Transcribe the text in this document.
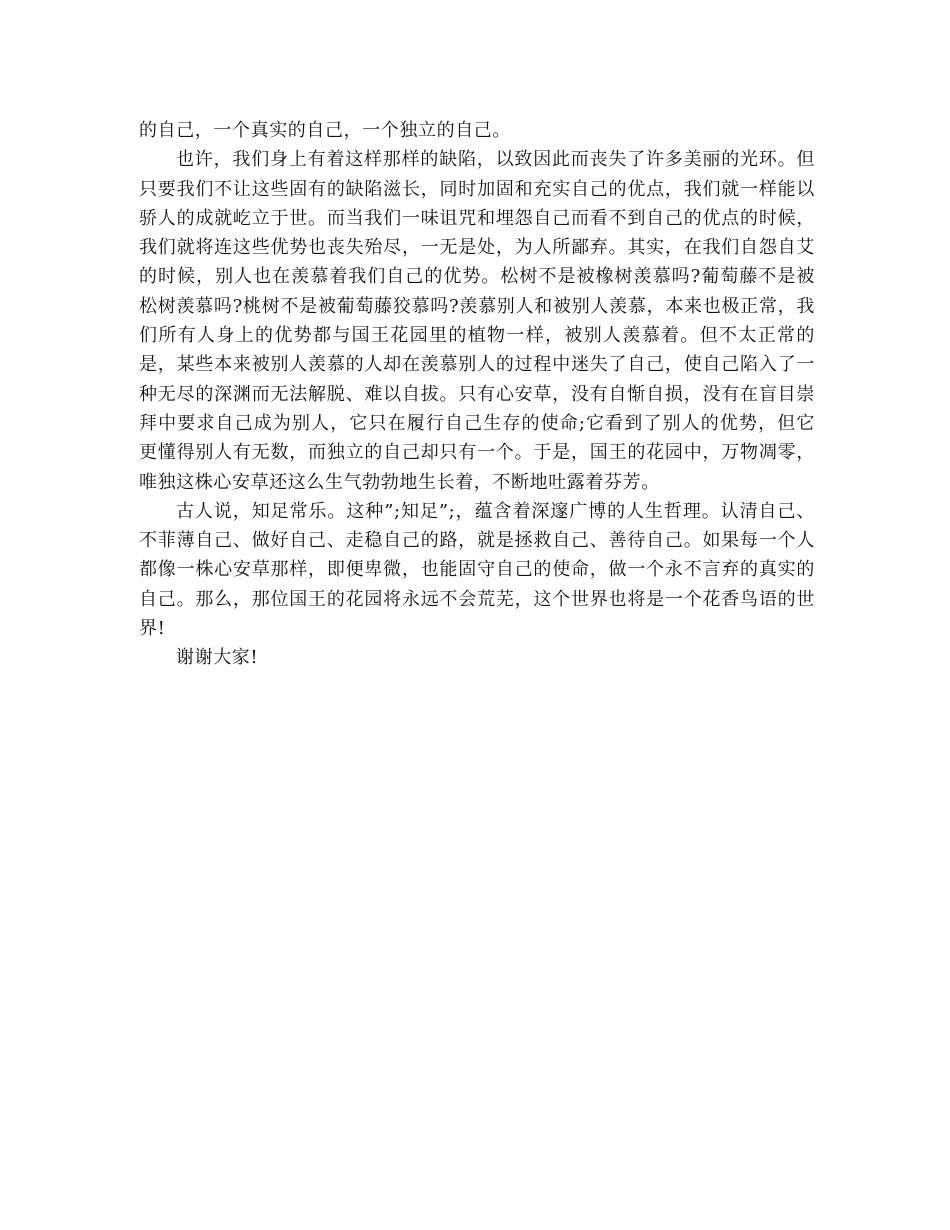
的自己，一个真实的自己，一个独立的自己。

也许，我们身上有着这样那样的缺陷，以致因此而丧失了许多美丽的光环。但只要我们不让这些固有的缺陷滋长，同时加固和充实自己的优点，我们就一样能以骄人的成就屹立于世。而当我们一味诅咒和埋怨自己而看不到自己的优点的时候，我们就将连这些优势也丧失殆尽，一无是处，为人所鄙弃。其实，在我们自怨自艾的时候，别人也在羡慕着我们自己的优势。松树不是被橡树羡慕吗?葡萄藤不是被松树羡慕吗?桃树不是被葡萄藤狡慕吗?羡慕别人和被别人羡慕，本来也极正常，我们所有人身上的优势都与国王花园里的植物一样，被别人羡慕着。但不太正常的是，某些本来被别人羡慕的人却在羡慕别人的过程中迷失了自己，使自己陷入了一种无尽的深渊而无法解脱、难以自拔。只有心安草，没有自惭自损，没有在盲目崇拜中要求自己成为别人，它只在履行自己生存的使命;它看到了别人的优势，但它更懂得别人有无数，而独立的自己却只有一个。于是，国王的花园中，万物凋零，唯独这株心安草还这么生气勃勃地生长着，不断地吐露着芬芳。

古人说，知足常乐。这种”;知足”;，蕴含着深邃广博的人生哲理。认清自己、不菲薄自己、做好自己、走稳自己的路，就是拯救自己、善待自己。如果每一个人都像一株心安草那样，即便卑微，也能固守自己的使命，做一个永不言弃的真实的自己。那么，那位国王的花园将永远不会荒芜，这个世界也将是一个花香鸟语的世界!

谢谢大家!
